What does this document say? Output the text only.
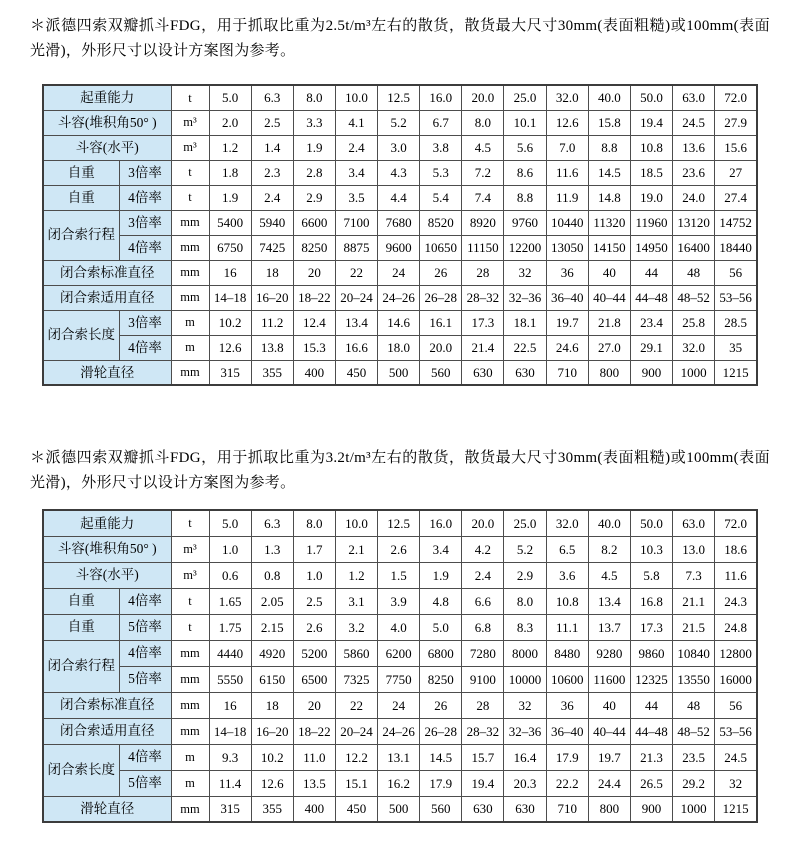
＊派德四索双瓣抓斗FDG，用于抓取比重为2.5t/m³左右的散货，散货最大尺寸30mm(表面粗糙)或100mm(表面光滑)，外形尺寸以设计方案图为参考。

起重能力		t	5.0	6.3	8.0	10.0	12.5	16.0	20.0	25.0	32.0	40.0	50.0	63.0	72.0
斗容(堆积角50° )		m³	2.0	2.5	3.3	4.1	5.2	6.7	8.0	10.1	12.6	15.8	19.4	24.5	27.9
斗容(水平)		m³	1.2	1.4	1.9	2.4	3.0	3.8	4.5	5.6	7.0	8.8	10.8	13.6	15.6
自重	3倍率	t	1.8	2.3	2.8	3.4	4.3	5.3	7.2	8.6	11.6	14.5	18.5	23.6	27
自重	4倍率	t	1.9	2.4	2.9	3.5	4.4	5.4	7.4	8.8	11.9	14.8	19.0	24.0	27.4
闭合索行程	3倍率	mm	5400	5940	6600	7100	7680	8520	8920	9760	10440	11320	11960	13120	14752
	4倍率	mm	6750	7425	8250	8875	9600	10650	11150	12200	13050	14150	14950	16400	18440
闭合索标准直径		mm	16	18	20	22	24	26	28	32	36	40	44	48	56
闭合索适用直径		mm	14–18	16–20	18–22	20–24	24–26	26–28	28–32	32–36	36–40	40–44	44–48	48–52	53–56
闭合索长度	3倍率	m	10.2	11.2	12.4	13.4	14.6	16.1	17.3	18.1	19.7	21.8	23.4	25.8	28.5
	4倍率	m	12.6	13.8	15.3	16.6	18.0	20.0	21.4	22.5	24.6	27.0	29.1	32.0	35
滑轮直径		mm	315	355	400	450	500	560	630	630	710	800	900	1000	1215

＊派德四索双瓣抓斗FDG，用于抓取比重为3.2t/m³左右的散货，散货最大尺寸30mm(表面粗糙)或100mm(表面光滑)，外形尺寸以设计方案图为参考。

起重能力		t	5.0	6.3	8.0	10.0	12.5	16.0	20.0	25.0	32.0	40.0	50.0	63.0	72.0
斗容(堆积角50° )		m³	1.0	1.3	1.7	2.1	2.6	3.4	4.2	5.2	6.5	8.2	10.3	13.0	18.6
斗容(水平)		m³	0.6	0.8	1.0	1.2	1.5	1.9	2.4	2.9	3.6	4.5	5.8	7.3	11.6
自重	4倍率	t	1.65	2.05	2.5	3.1	3.9	4.8	6.6	8.0	10.8	13.4	16.8	21.1	24.3
自重	5倍率	t	1.75	2.15	2.6	3.2	4.0	5.0	6.8	8.3	11.1	13.7	17.3	21.5	24.8
闭合索行程	4倍率	mm	4440	4920	5200	5860	6200	6800	7280	8000	8480	9280	9860	10840	12800
	5倍率	mm	5550	6150	6500	7325	7750	8250	9100	10000	10600	11600	12325	13550	16000
闭合索标准直径		mm	16	18	20	22	24	26	28	32	36	40	44	48	56
闭合索适用直径		mm	14–18	16–20	18–22	20–24	24–26	26–28	28–32	32–36	36–40	40–44	44–48	48–52	53–56
闭合索长度	4倍率	m	9.3	10.2	11.0	12.2	13.1	14.5	15.7	16.4	17.9	19.7	21.3	23.5	24.5
	5倍率	m	11.4	12.6	13.5	15.1	16.2	17.9	19.4	20.3	22.2	24.4	26.5	29.2	32
滑轮直径		mm	315	355	400	450	500	560	630	630	710	800	900	1000	1215
